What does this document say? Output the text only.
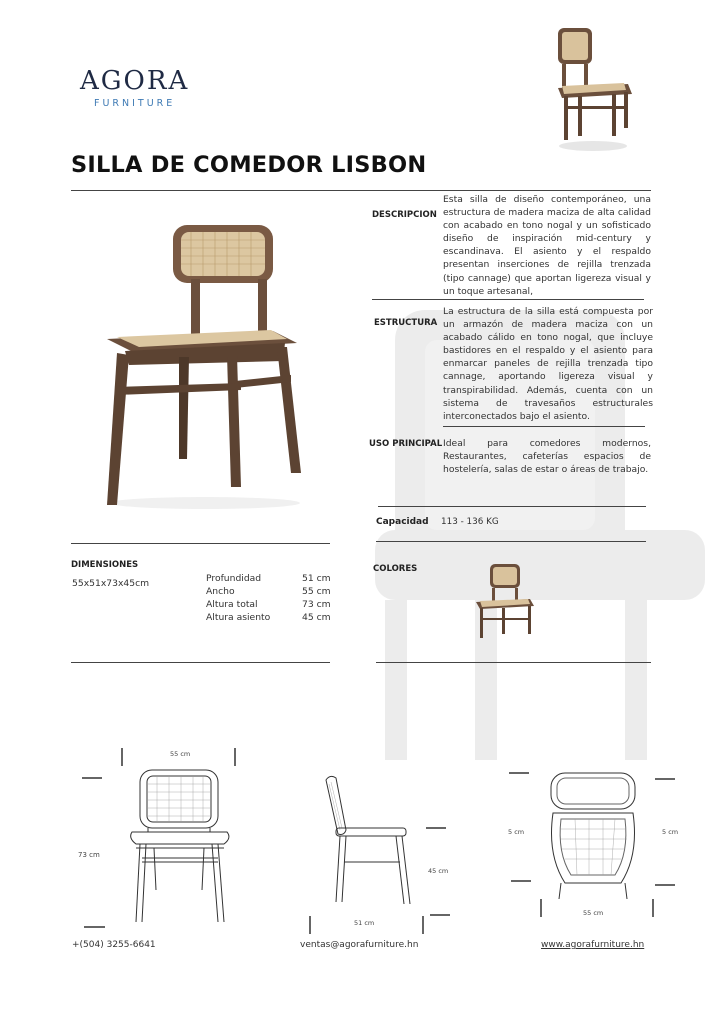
AGORA
FURNITURE
SILLA DE COMEDOR LISBON
DESCRIPCION
Esta silla de diseño contemporáneo, una estructura de madera maciza de alta calidad con acabado en tono nogal y un sofisticado diseño de inspiración mid-century y escandinava. El asiento y el respaldo presentan inserciones de rejilla trenzada (tipo cannage) que aportan ligereza visual y un toque artesanal,
ESTRUCTURA
La estructura de la silla está compuesta por un armazón de madera maciza con un acabado cálido en tono nogal, que incluye bastidores en el respaldo y el asiento para enmarcar paneles de rejilla trenzada tipo cannage, aportando ligereza visual y transpirabilidad. Además, cuenta con un sistema de travesaños estructurales interconectados bajo el asiento.
USO PRINCIPAL Ideal para comedores modernos, Restaurantes, cafeterías espacios de hostelería, salas de estar o áreas de trabajo.
Capacidad 113 - 136 KG
COLORES
DIMENSIONES
55x51x73x45cm	Profundidad	51 cm
Ancho	55 cm
Altura total	73 cm
Altura asiento	45 cm
55 cm
73 cm
45 cm
51 cm
5 cm	5 cm
55 cm
+(504) 3255-6641	ventas@agorafurniture.hn	www.agorafurniture.hn
